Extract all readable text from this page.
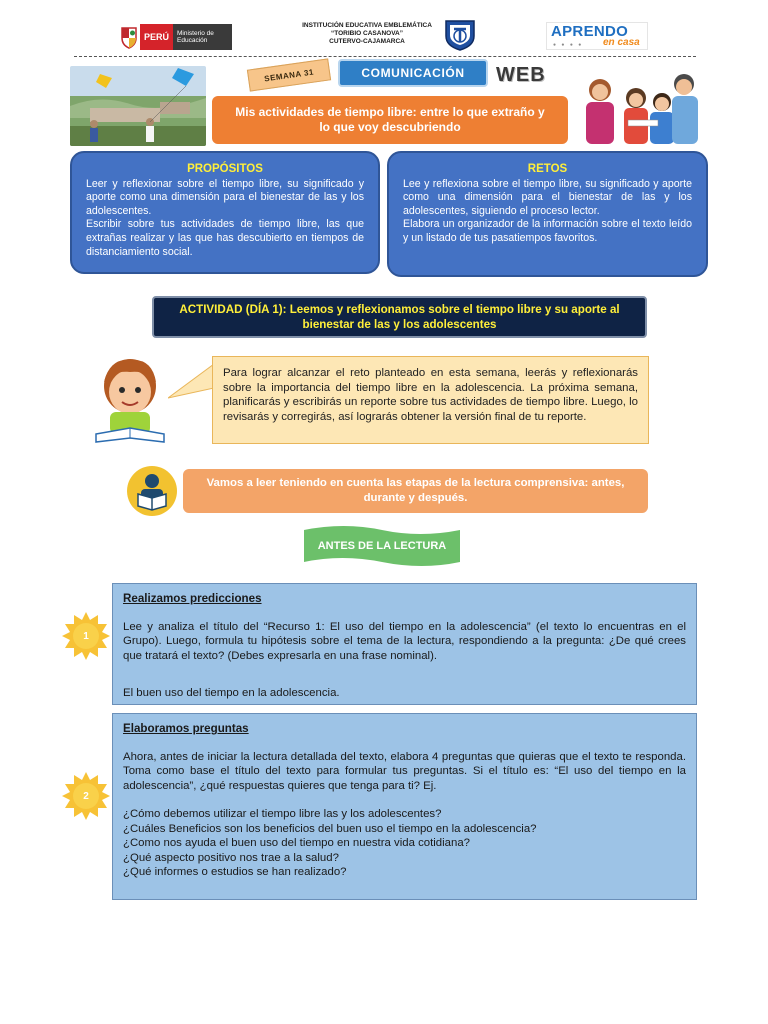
PERÚ	Ministerio de Educación
INSTITUCIÓN EDUCATIVA EMBLEMÁTICA
“TORIBIO CASANOVA”
CUTERVO-CAJAMARCA
APRENDO
● ● ● ● en casa
SEMANA 31	COMUNICACIÓN	WEB
Mis actividades de tiempo libre: entre lo que extraño y lo que voy descubriendo
PROPÓSITOS

Leer y reflexionar sobre el tiempo libre, su significado y aporte como una dimensión para el bienestar de las y los adolescentes.

Escribir sobre tus actividades de tiempo libre, las que extrañas realizar y las que has descubierto en tiempos de distanciamiento social.

RETOS

Lee y reflexiona sobre el tiempo libre, su significado y aporte como una dimensión para el bienestar de las y los adolescentes, siguiendo el proceso lector.

Elabora un organizador de la información sobre el texto leído y un listado de tus pasatiempos favoritos.

ACTIVIDAD (DÍA 1): Leemos y reflexionamos sobre el tiempo libre y su aporte al bienestar de las y los adolescentes
Para lograr alcanzar el reto planteado en esta semana, leerás y reflexionarás sobre la importancia del tiempo libre en la adolescencia. La próxima semana, planificarás y escribirás un reporte sobre tus actividades de tiempo libre. Luego, lo revisarás y corregirás, así lograrás obtener la versión final de tu reporte.
Vamos a leer teniendo en cuenta las etapas de la lectura comprensiva: antes, durante y después.
ANTES DE LA LECTURA
1
Realizamos predicciones

Lee y analiza el título del “Recurso 1: El uso del tiempo en la adolescencia” (el texto lo encuentras en el Grupo). Luego, formula tu hipótesis sobre el tema de la lectura, respondiendo a la pregunta: ¿De qué crees que tratará el texto? (Debes expresarla en una frase nominal).

El buen uso del tiempo en la adolescencia.

2
Elaboramos preguntas

Ahora, antes de iniciar la lectura detallada del texto, elabora 4 preguntas que quieras que el texto te responda. Toma como base el título del texto para formular tus preguntas. Si el título es: “El uso del tiempo en la adolescencia”, ¿qué respuestas quieres que tenga para ti? Ej.

¿Cómo debemos utilizar el tiempo libre las y los adolescentes?
¿Cuáles Beneficios son los beneficios del buen uso el tiempo en la adolescencia?
¿Como nos ayuda el buen uso del tiempo en nuestra vida cotidiana?
¿Qué aspecto positivo nos trae a la salud?
¿Qué informes o estudios se han realizado?
